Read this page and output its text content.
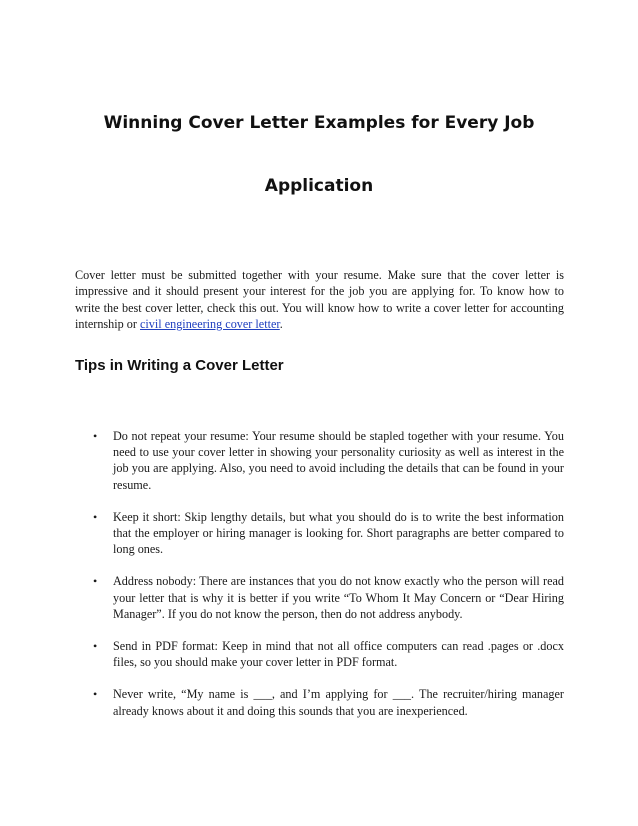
Winning Cover Letter Examples for Every Job
Application

Cover letter must be submitted together with your resume. Make sure that the cover letter is impressive and it should present your interest for the job you are applying for. To know how to write the best cover letter, check this out. You will know how to write a cover letter for accounting internship or civil engineering cover letter.

Tips in Writing a Cover Letter
• Do not repeat your resume: Your resume should be stapled together with your resume. You need to use your cover letter in showing your personality curiosity as well as interest in the job you are applying. Also, you need to avoid including the details that can be found in your resume.
• Keep it short: Skip lengthy details, but what you should do is to write the best information that the employer or hiring manager is looking for. Short paragraphs are better compared to long ones.
• Address nobody: There are instances that you do not know exactly who the person will read your letter that is why it is better if you write “To Whom It May Concern or “Dear Hiring Manager”. If you do not know the person, then do not address anybody.
• Send in PDF format: Keep in mind that not all office computers can read .pages or .docx files, so you should make your cover letter in PDF format.
• Never write, “My name is ___, and I’m applying for ___. The recruiter/hiring manager already knows about it and doing this sounds that you are inexperienced.
